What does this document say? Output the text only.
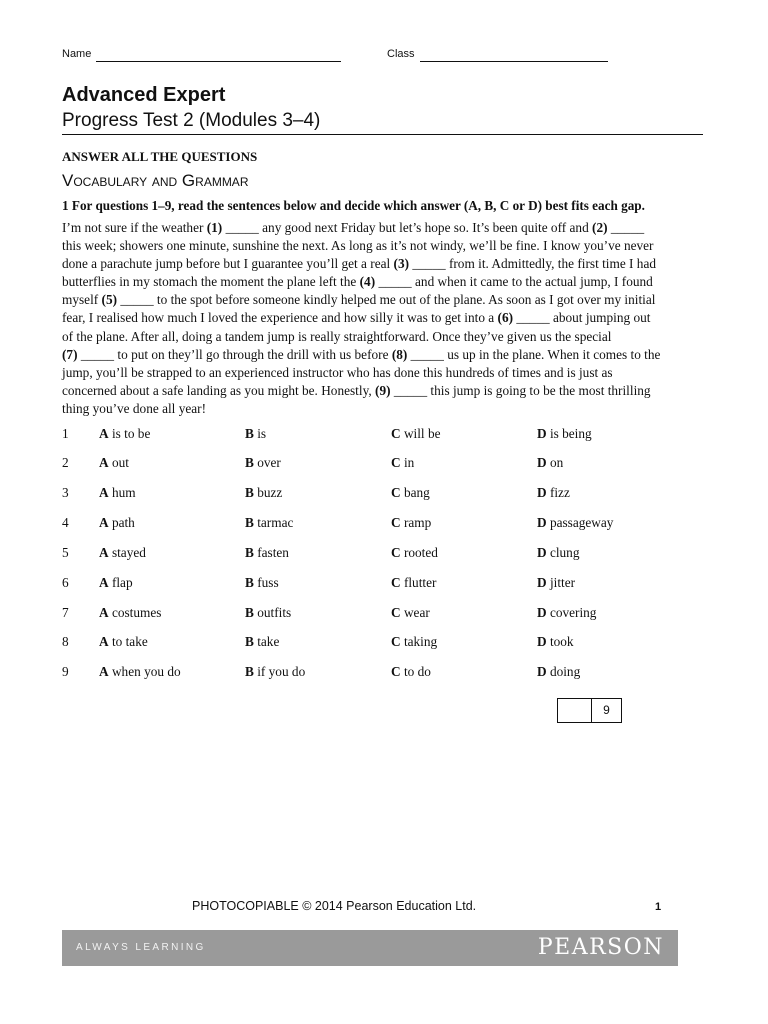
Name	Class
Advanced Expert
Progress Test 2 (Modules 3–4)
ANSWER ALL THE QUESTIONS
Vocabulary and Grammar
1 For questions 1–9, read the sentences below and decide which answer (A, B, C or D) best fits each gap.
I’m not sure if the weather (1) _____ any good next Friday but let’s hope so. It’s been quite off and (2) _____
this week; showers one minute, sunshine the next. As long as it’s not windy, we’ll be fine. I know you’ve never
done a parachute jump before but I guarantee you’ll get a real (3) _____ from it. Admittedly, the first time I had
butterflies in my stomach the moment the plane left the (4) _____ and when it came to the actual jump, I found
myself (5) _____ to the spot before someone kindly helped me out of the plane. As soon as I got over my initial
fear, I realised how much I loved the experience and how silly it was to get into a (6) _____ about jumping out
of the plane. After all, doing a tandem jump is really straightforward. Once they’ve given us the special
(7) _____ to put on they’ll go through the drill with us before (8) _____ us up in the plane. When it comes to the
jump, you’ll be strapped to an experienced instructor who has done this hundreds of times and is just as
concerned about a safe landing as you might be. Honestly, (9) _____ this jump is going to be the most thrilling
thing you’ve done all year!
1 A is to be	B is	C will be	D is being
2 A out	B over	C in	D on
3 A hum	B buzz	C bang	D fizz
4 A path	B tarmac	C ramp	D passageway
5 A stayed	B fasten	C rooted	D clung
6 A flap	B fuss	C flutter	D jitter
7 A costumes	B outfits	C wear	D covering
8 A to take	B take	C taking	D took
9 A when you do	B if you do	C to do	D doing
9
PHOTOCOPIABLE © 2014 Pearson Education Ltd.	1
ALWAYS LEARNING	PEARSON
